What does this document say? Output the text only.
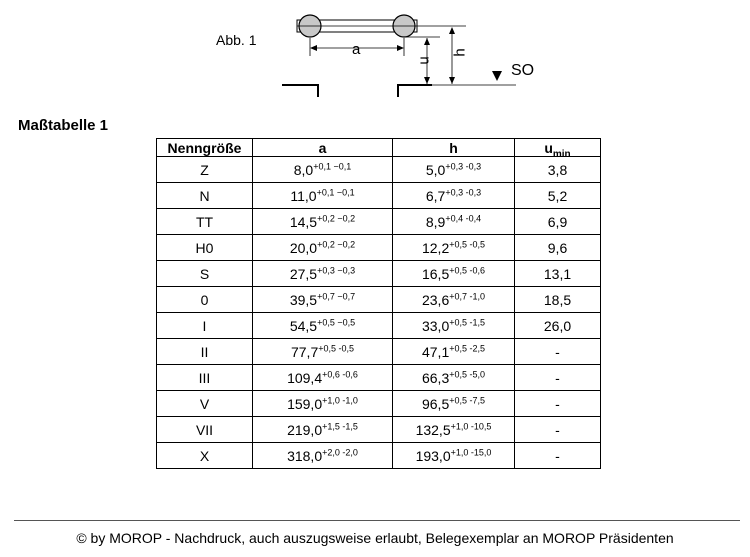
Abb. 1
a
u
h
SO
Maßtabelle 1
Nenngröße	a	h	$u_{min}$
Z	$8,0^{+0,1 -0,1}$	$5,0^{+0,3 -0,3}$	3,8
N	$11,0^{+0,1 -0,1}$	$6,7^{+0,3 -0,3}$	5,2
TT	$14,5^{+0,2 -0,2}$	$8,9^{+0,4 -0,4}$	6,9
H0	$20,0^{+0,2 -0,2}$	$12,2^{+0,5 -0,5}$	9,6
S	$27,5^{+0,3 -0,3}$	$16,5^{+0,5 -0,6}$	13,1
0	$39,5^{+0,7 -0,7}$	$23,6^{+0,7 -1,0}$	18,5
I	$54,5^{+0,5 -0,5}$	$33,0^{+0,5 -1,5}$	26,0
II	$77,7^{+0,5 -0,5}$	$47,1^{+0,5 -2,5}$	-
III	$109,4^{+0,6 -0,6}$	$66,3^{+0,5 -5,0}$	-
V	$159,0^{+1,0 -1,0}$	$96,5^{+0,5 -7,5}$	-
VII	$219,0^{+1,5 -1,5}$	$132,5^{+1,0 -10,5}$	-
X	$318,0^{+2,0 -2,0}$	$193,0^{+1,0 -15,0}$	-
© by MOROP - Nachdruck, auch auszugsweise erlaubt, Belegexemplar an MOROP Präsidenten
